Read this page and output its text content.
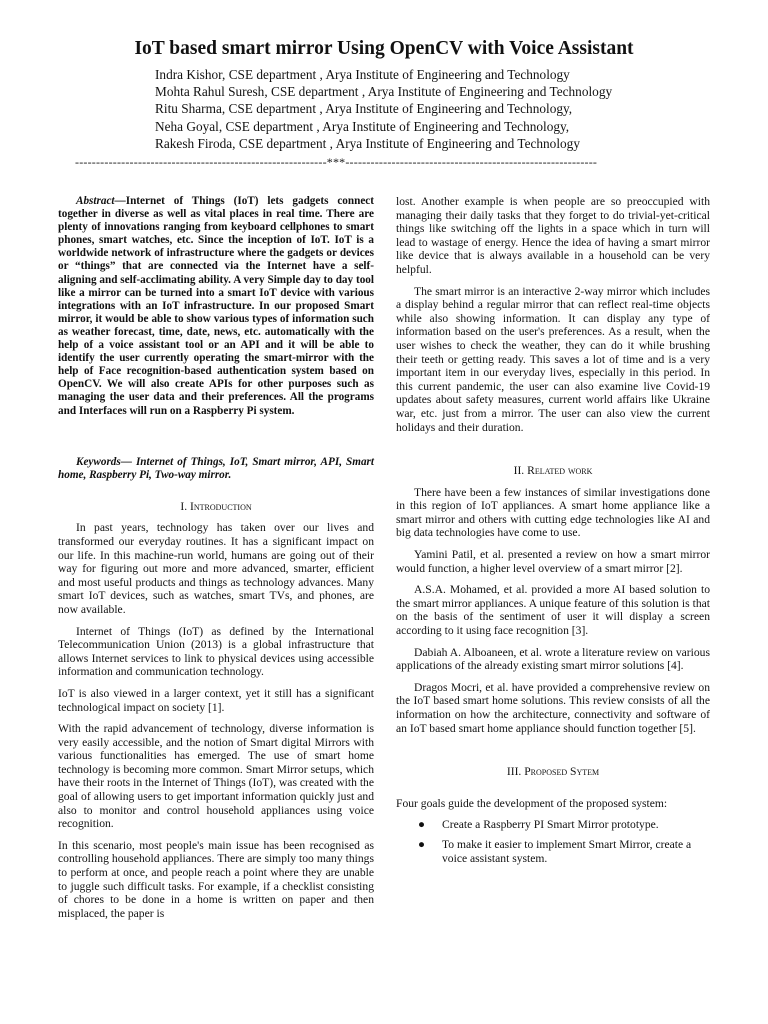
IoT based smart mirror Using OpenCV with Voice Assistant
Indra Kishor, CSE department , Arya Institute of Engineering and Technology
Mohta Rahul Suresh, CSE department , Arya Institute of Engineering and Technology
Ritu Sharma, CSE department , Arya Institute of Engineering and Technology,
Neha Goyal, CSE department , Arya Institute of Engineering and Technology,
Rakesh Firoda, CSE department , Arya Institute of Engineering and Technology
------------------------------------------------------------***------------------------------------------------------------

Abstract—Internet of Things (IoT) lets gadgets connect together in diverse as well as vital places in real time. There are plenty of innovations ranging from keyboard cellphones to smart phones, smart watches, etc. Since the inception of IoT. IoT is a worldwide network of infrastructure where the gadgets or devices or “things” that are connected via the Internet have a self- aligning and self-acclimating ability. A very Simple day to day tool like a mirror can be turned into a smart IoT device with various integrations with an IoT infrastructure. In our proposed Smart mirror, it would be able to show various types of information such as weather forecast, time, date, news, etc. automatically with the help of a voice assistant tool or an API and it will be able to identify the user currently operating the smart-mirror with the help of Face recognition-based authentication system based on OpenCV. We will also create APIs for other purposes such as managing the user data and their preferences. All the programs and Interfaces will run on a Raspberry Pi system.

Keywords— Internet of Things, IoT, Smart mirror, API, Smart home, Raspberry Pi, Two-way mirror.

I. Introduction

In past years, technology has taken over our lives and transformed our everyday routines. It has a significant impact on our life. In this machine-run world, humans are going out of their way for figuring out more and more advanced, smarter, efficient and most useful products and things as technology advances. Many smart IoT devices, such as watches, smart TVs, and phones, are now available.

Internet of Things (IoT) as defined by the International Telecommunication Union (2013) is a global infrastructure that allows Internet services to link to physical devices using accessible information and communication technology.

IoT is also viewed in a larger context, yet it still has a significant technological impact on society [1].

With the rapid advancement of technology, diverse information is very easily accessible, and the notion of Smart digital Mirrors with various functionalities has emerged. The use of smart home technology is becoming more common. Smart Mirror setups, which have their roots in the Internet of Things (IoT), was created with the goal of allowing users to get important information quickly just and also to monitor and control household appliances using voice recognition.

In this scenario, most people's main issue has been recognised as controlling household appliances. There are simply too many things to perform at once, and people reach a point where they are unable to juggle such difficult tasks. For example, if a checklist consisting of chores to be done in a home is written on paper and then misplaced, the paper is

lost. Another example is when people are so preoccupied with managing their daily tasks that they forget to do trivial-yet-critical things like switching off the lights in a space which in turn will lead to wastage of energy. Hence the idea of having a smart mirror like device that is always available in a household can be very helpful.

The smart mirror is an interactive 2-way mirror which includes a display behind a regular mirror that can reflect real-time objects while also showing information. It can display any type of information based on the user's preferences. As a result, when the user wishes to check the weather, they can do it while brushing their teeth or getting ready. This saves a lot of time and is a very important item in our everyday lives, especially in this period. In this current pandemic, the user can also examine live Covid-19 updates about safety measures, current world affairs like Ukraine war, etc. just from a mirror. The user can also view the current holidays and their duration.

II. Related work

There have been a few instances of similar investigations done in this region of IoT appliances. A smart home appliance like a smart mirror and others with cutting edge technologies like AI and big data technologies have come to use.

Yamini Patil, et al. presented a review on how a smart mirror would function, a higher level overview of a smart mirror [2].

A.S.A. Mohamed, et al. provided a more AI based solution to the smart mirror appliances. A unique feature of this solution is that on the basis of the sentiment of user it will display a screen according to it using face recognition [3].

Dabiah A. Alboaneen, et al. wrote a literature review on various applications of the already existing smart mirror solutions [4].

Dragos Mocri, et al. have provided a comprehensive review on the IoT based smart home solutions. This review consists of all the information on how the architecture, connectivity and software of an IoT based smart home appliance should function together [5].

III. Proposed Sytem

Four goals guide the development of the proposed system:

● Create a Raspberry PI Smart Mirror prototype.
● To make it easier to implement Smart Mirror, create a voice assistant system.
